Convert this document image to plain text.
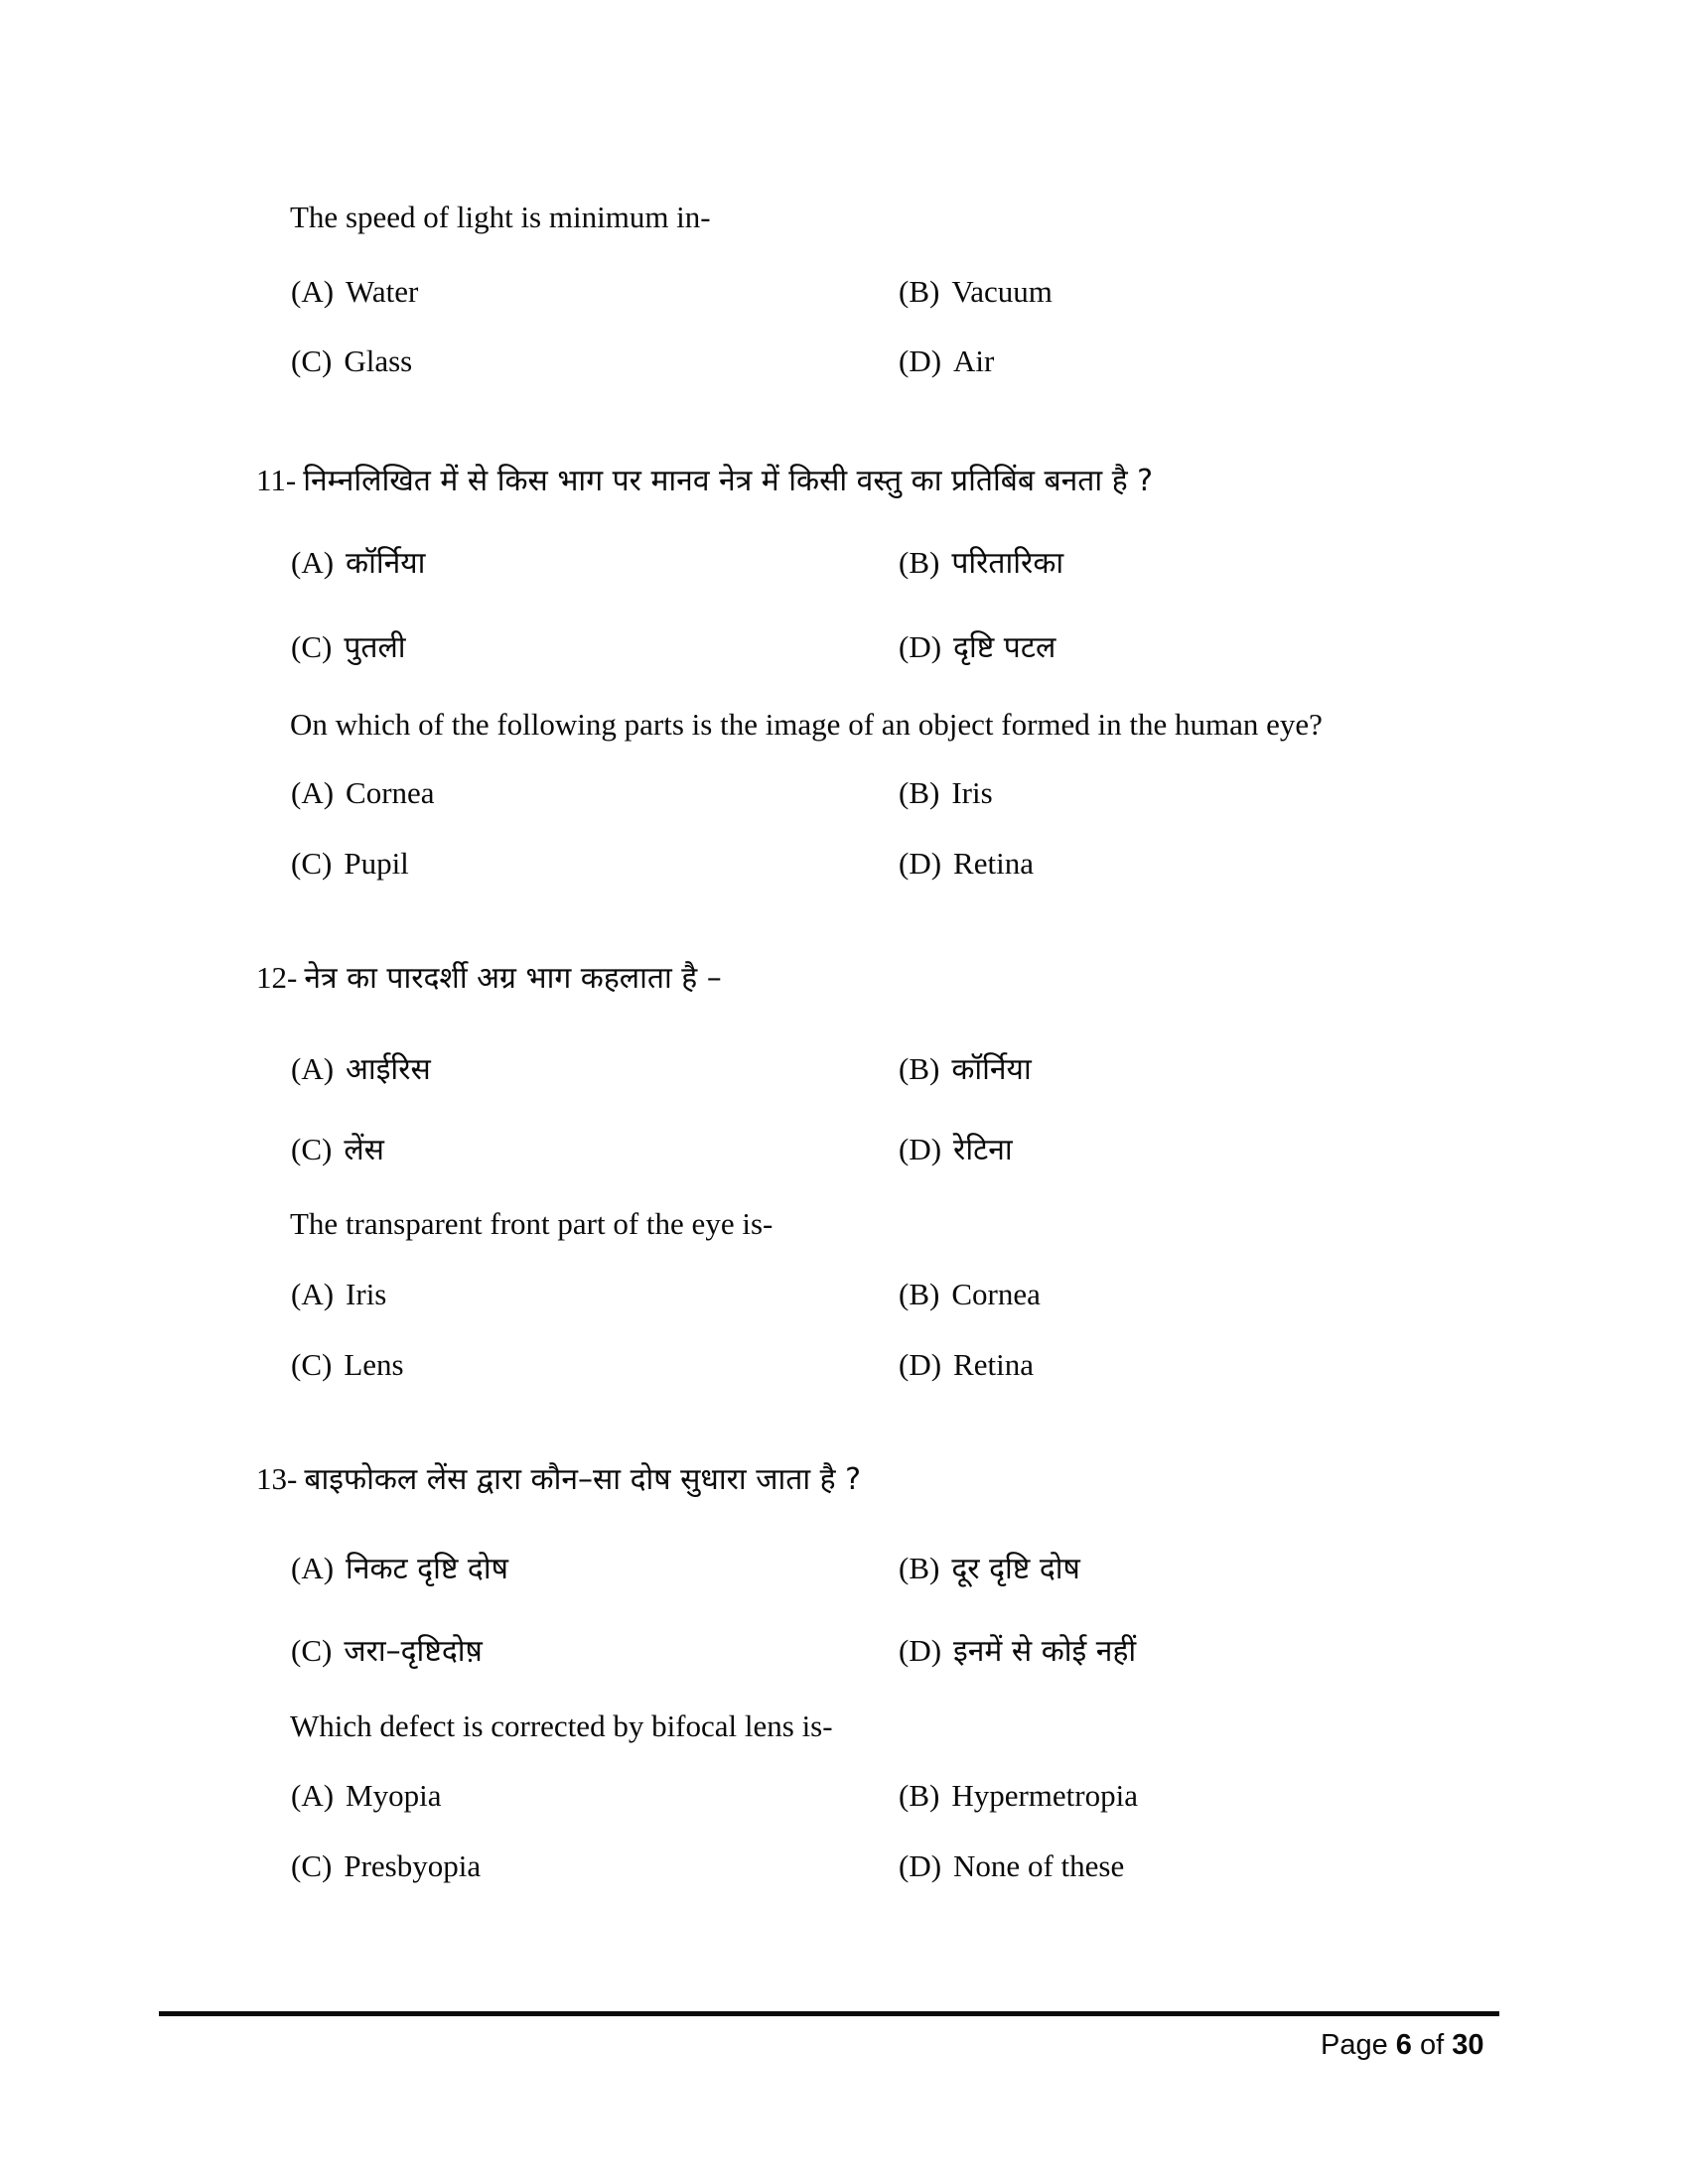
The speed of light is minimum in-
(A) Water	(B) Vacuum
(C) Glass	(D) Air
11- निम्नलिखित में से किस भाग पर मानव नेत्र में किसी वस्तु का प्रतिबिंब बनता है ?
(A) कॉर्निया	(B) परितारिका
(C) पुतली	(D) दृष्टि पटल
On which of the following parts is the image of an object formed in the human eye?
(A) Cornea	(B) Iris
(C) Pupil	(D) Retina
12- नेत्र का पारदर्शी अग्र भाग कहलाता है –
(A) आईरिस	(B) कॉर्निया
(C) लेंस	(D) रेटिना
The transparent front part of the eye is-
(A) Iris	(B) Cornea
(C) Lens	(D) Retina
13- बाइफोकल लेंस द्वारा कौन–सा दोष सुधारा जाता है ?
(A) निकट दृष्टि दोष	(B) दूर दृष्टि दोष
(C) जरा–दृष्टिदोष़	(D) इनमें से कोई नहीं
Which defect is corrected by bifocal lens is-
(A) Myopia	(B) Hypermetropia
(C) Presbyopia	(D) None of these
Page 6 of 30
